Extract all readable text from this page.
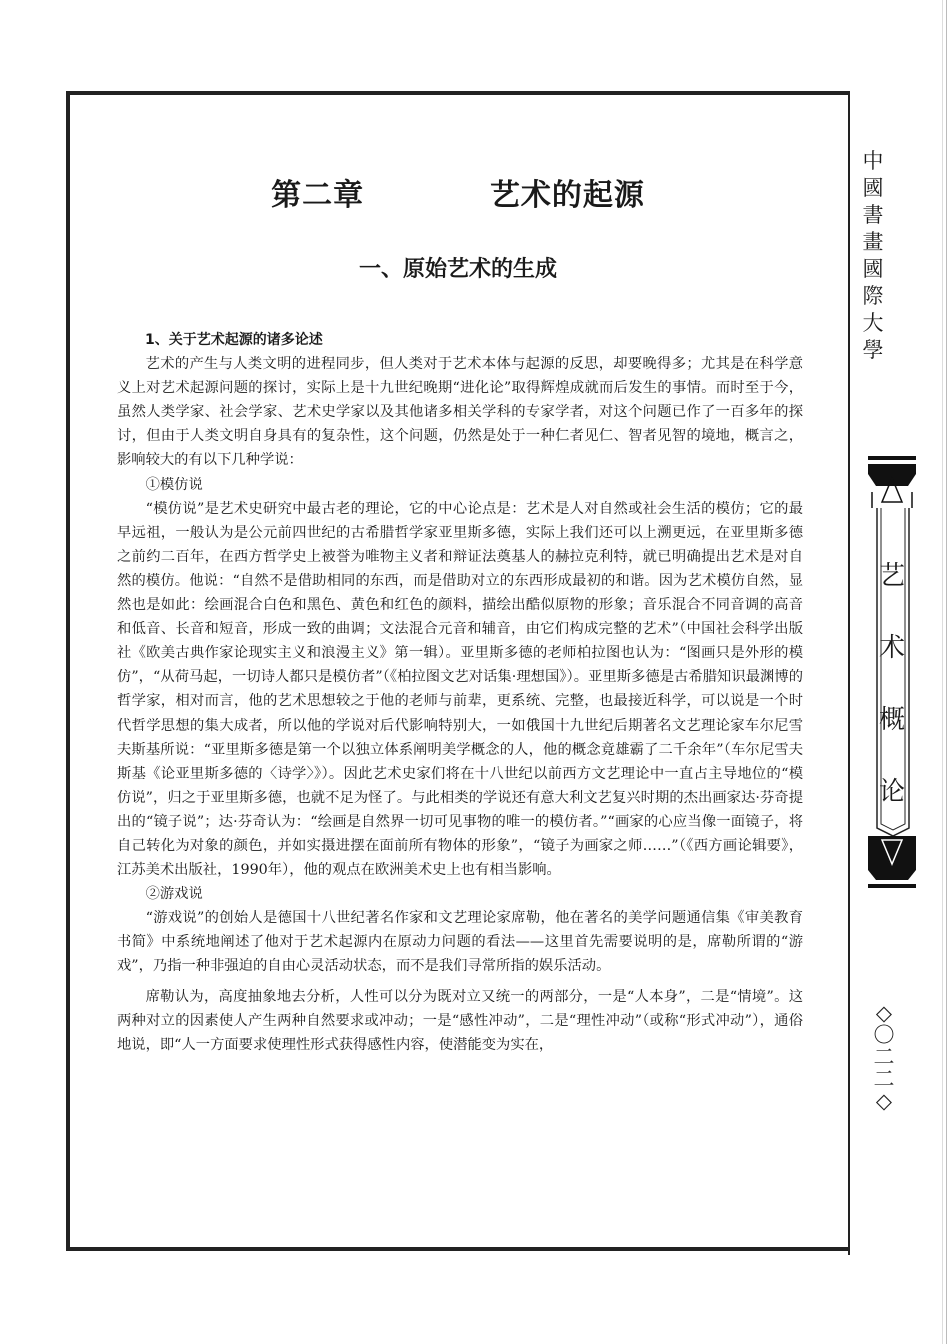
第二章    艺术的起源
一、原始艺术的生成

1、关于艺术起源的诸多论述

艺术的产生与人类文明的进程同步，但人类对于艺术本体与起源的反思，却要晚得多；尤其是在科学意义上对艺术起源问题的探讨，实际上是十九世纪晚期“进化论”取得辉煌成就而后发生的事情。而时至于今，虽然人类学家、社会学家、艺术史学家以及其他诸多相关学科的专家学者，对这个问题已作了一百多年的探讨，但由于人类文明自身具有的复杂性，这个问题，仍然是处于一种仁者见仁、智者见智的境地，概言之，影响较大的有以下几种学说：

①模仿说

“模仿说”是艺术史研究中最古老的理论，它的中心论点是：艺术是人对自然或社会生活的模仿；它的最早远祖，一般认为是公元前四世纪的古希腊哲学家亚里斯多德，实际上我们还可以上溯更远，在亚里斯多德之前约二百年，在西方哲学史上被誉为唯物主义者和辩证法奠基人的赫拉克利特，就已明确提出艺术是对自然的模仿。他说：“自然不是借助相同的东西，而是借助对立的东西形成最初的和谐。因为艺术模仿自然，显然也是如此：绘画混合白色和黑色、黄色和红色的颜料，描绘出酷似原物的形象；音乐混合不同音调的高音和低音、长音和短音，形成一致的曲调；文法混合元音和辅音，由它们构成完整的艺术”（中国社会科学出版社《欧美古典作家论现实主义和浪漫主义》第一辑）。亚里斯多德的老师柏拉图也认为：“图画只是外形的模仿”，“从荷马起，一切诗人都只是模仿者”（《柏拉图文艺对话集·理想国》）。亚里斯多德是古希腊知识最渊博的哲学家，相对而言，他的艺术思想较之于他的老师与前辈，更系统、完整，也最接近科学，可以说是一个时代哲学思想的集大成者，所以他的学说对后代影响特别大，一如俄国十九世纪后期著名文艺理论家车尔尼雪夫斯基所说：“亚里斯多德是第一个以独立体系阐明美学概念的人，他的概念竟雄霸了二千余年”（车尔尼雪夫斯基《论亚里斯多德的〈诗学〉》）。因此艺术史家们将在十八世纪以前西方文艺理论中一直占主导地位的“模仿说”，归之于亚里斯多德，也就不足为怪了。与此相类的学说还有意大利文艺复兴时期的杰出画家达·芬奇提出的“镜子说”；达·芬奇认为：“绘画是自然界一切可见事物的唯一的模仿者。”“画家的心应当像一面镜子，将自己转化为对象的颜色，并如实摄进摆在面前所有物体的形象”，“镜子为画家之师……”（《西方画论辑要》，江苏美术出版社，1990年），他的观点在欧洲美术史上也有相当影响。

②游戏说

“游戏说”的创始人是德国十八世纪著名作家和文艺理论家席勒，他在著名的美学问题通信集《审美教育书简》中系统地阐述了他对于艺术起源内在原动力问题的看法——这里首先需要说明的是，席勒所谓的“游戏”，乃指一种非强迫的自由心灵活动状态，而不是我们寻常所指的娱乐活动。

席勒认为，高度抽象地去分析，人性可以分为既对立又统一的两部分，一是“人本身”，二是“情境”。这两种对立的因素使人产生两种自然要求或冲动；一是“感性冲动”，二是“理性冲动”（或称“形式冲动”），通俗地说，即“人一方面要求使理性形式获得感性内容，使潜能变为实在，

中
國
書
畫
國
際
大
學
艺
术
概
论
◇
〇
二
二
◇
